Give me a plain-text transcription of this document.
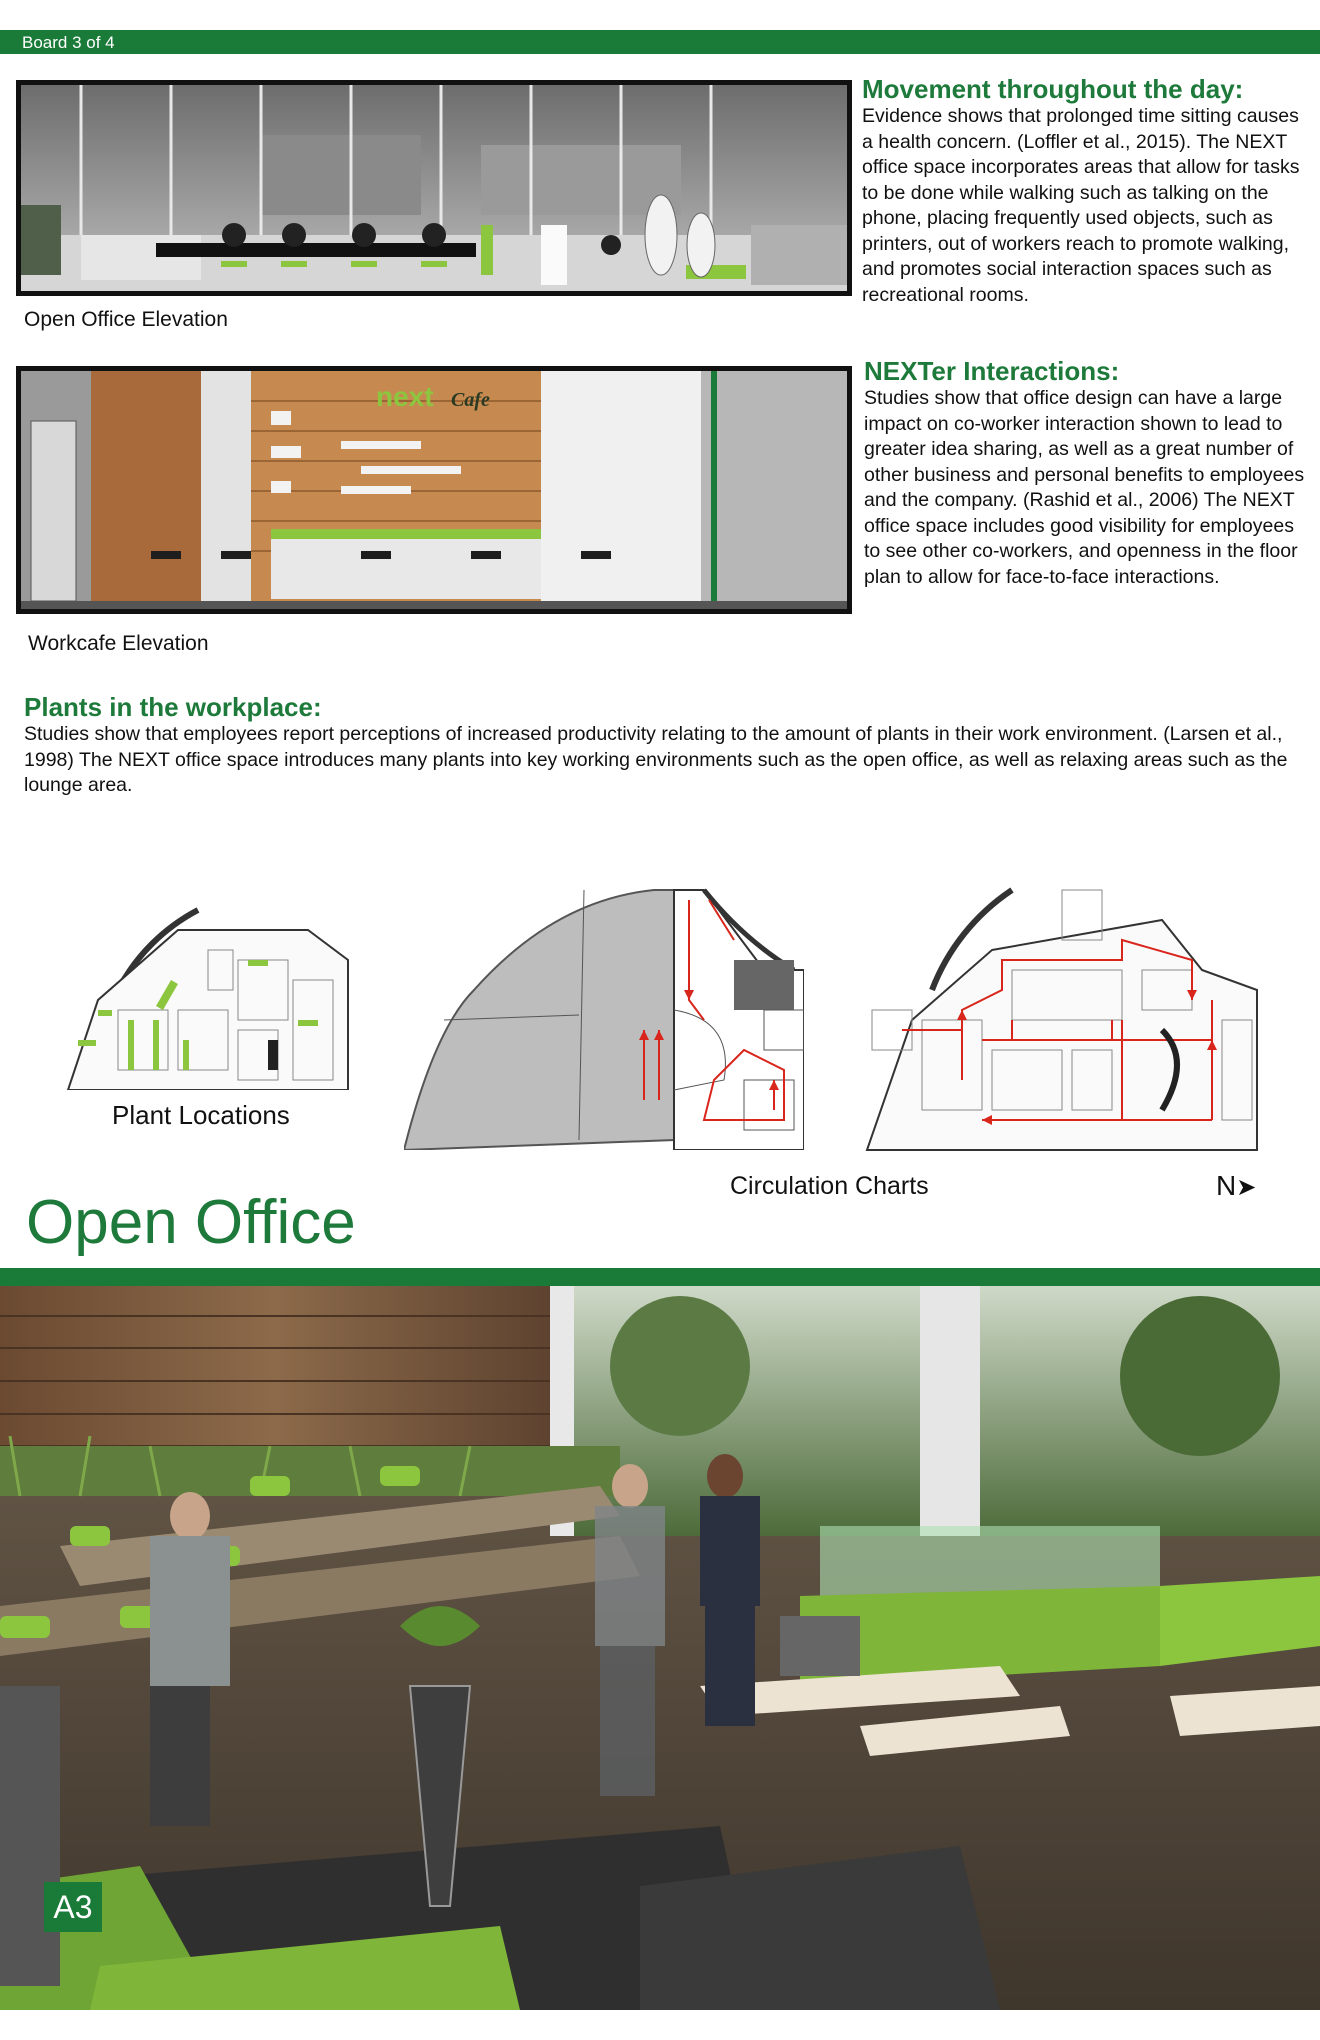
Board 3 of 4
Open Office Elevation
next Cafe
Workcafe Elevation
Movement throughout the day:

Evidence shows that prolonged time sitting causes a health concern. (Loffler et al., 2015). The NEXT office space incorporates areas that allow for tasks to be done while walking such as talking on the phone, placing frequently used objects, such as printers, out of workers reach to promote walking, and promotes social interaction spaces such as recreational rooms.

NEXTer Interactions:

Studies show that office design can have a large impact on co-worker interaction shown to lead to greater idea sharing, as well as a great number of other business and personal benefits to employees and the company. (Rashid et al., 2006) The NEXT office space includes good visibility for employees to see other co-workers, and openness in the floor plan to allow for face-to-face interactions.

Plants in the workplace:

Studies show that employees report perceptions of increased productivity relating to the amount of plants in their work environment. (Larsen et al., 1998) The NEXT office space introduces many plants into key working environments such as the open office, as well as relaxing areas such as the lounge area.

Plant Locations
Circulation Charts	N➤
Open Office
A3
